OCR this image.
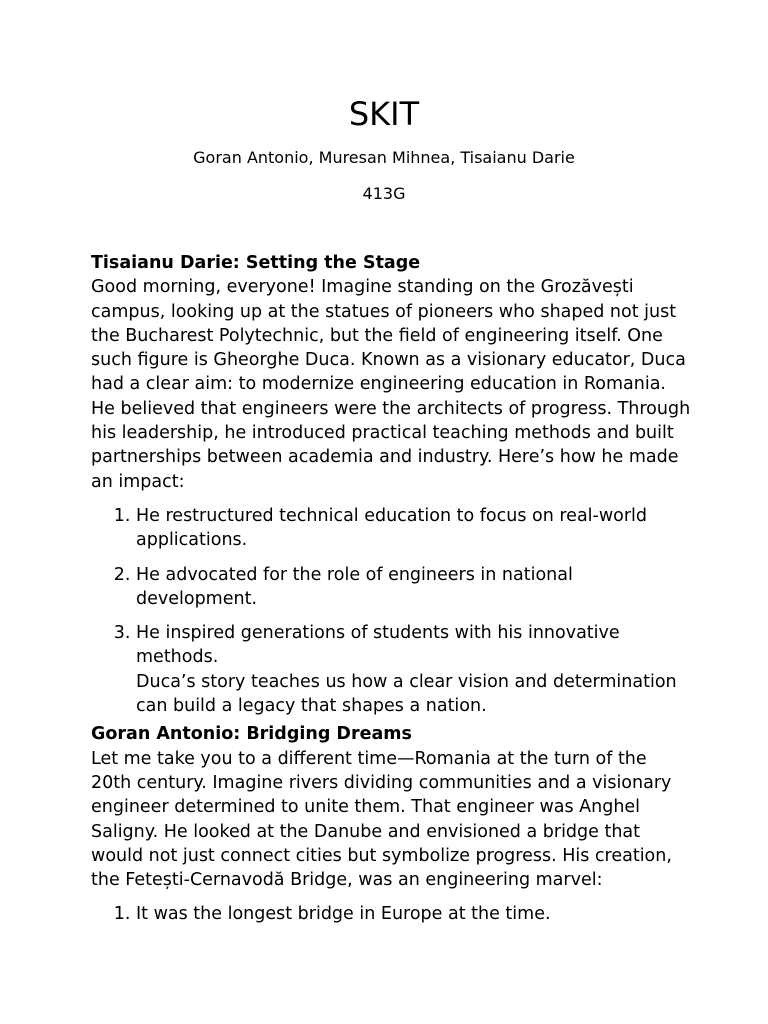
SKIT
Goran Antonio, Muresan Mihnea, Tisaianu Darie
413G

Tisaianu Darie: Setting the Stage

Good morning, everyone! Imagine standing on the Grozăvești campus, looking up at the statues of pioneers who shaped not just the Bucharest Polytechnic, but the field of engineering itself. One such figure is Gheorghe Duca. Known as a visionary educator, Duca had a clear aim: to modernize engineering education in Romania. He believed that engineers were the architects of progress. Through his leadership, he introduced practical teaching methods and built partnerships between academia and industry. Here’s how he made an impact:

1. He restructured technical education to focus on real-world applications.
2. He advocated for the role of engineers in national development.
3. He inspired generations of students with his innovative methods.
Duca’s story teaches us how a clear vision and determination can build a legacy that shapes a nation.

Goran Antonio: Bridging Dreams

Let me take you to a different time—Romania at the turn of the 20th century. Imagine rivers dividing communities and a visionary engineer determined to unite them. That engineer was Anghel Saligny. He looked at the Danube and envisioned a bridge that would not just connect cities but symbolize progress. His creation, the Fetești-Cernavodă Bridge, was an engineering marvel:

1. It was the longest bridge in Europe at the time.
